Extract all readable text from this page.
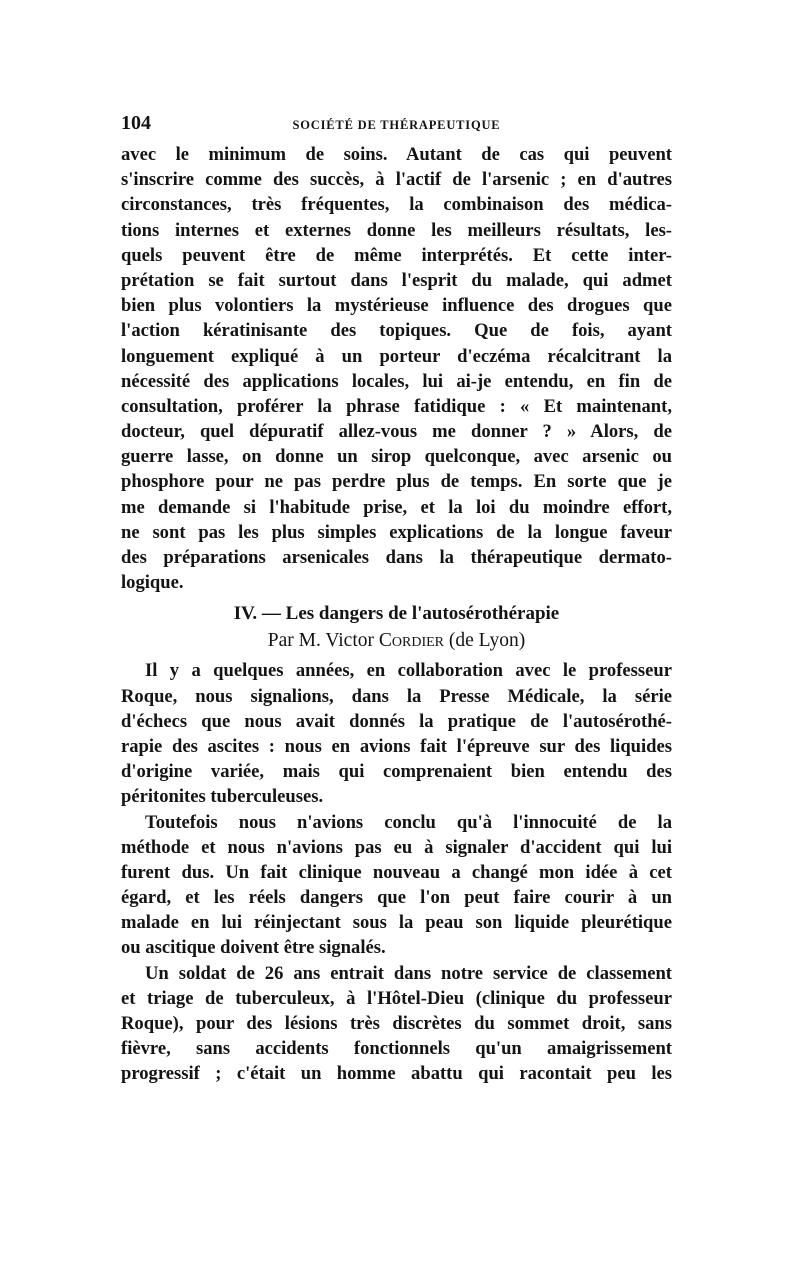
104	SOCIÉTÉ DE THÉRAPEUTIQUE
avec le minimum de soins. Autant de cas qui peuvent
s'inscrire comme des succès, à l'actif de l'arsenic ; en d'autres
circonstances, très fréquentes, la combinaison des médica-
tions internes et externes donne les meilleurs résultats, les-
quels peuvent être de même interprétés. Et cette inter-
prétation se fait surtout dans l'esprit du malade, qui admet
bien plus volontiers la mystérieuse influence des drogues que
l'action kératinisante des topiques. Que de fois, ayant
longuement expliqué à un porteur d'eczéma récalcitrant la
nécessité des applications locales, lui ai-je entendu, en fin de
consultation, proférer la phrase fatidique : « Et maintenant,
docteur, quel dépuratif allez-vous me donner ? » Alors, de
guerre lasse, on donne un sirop quelconque, avec arsenic ou
phosphore pour ne pas perdre plus de temps. En sorte que je
me demande si l'habitude prise, et la loi du moindre effort,
ne sont pas les plus simples explications de la longue faveur
des préparations arsenicales dans la thérapeutique dermato-
logique.
IV. — Les dangers de l'autosérothérapie
Par M. Victor Cordier (de Lyon)
Il y a quelques années, en collaboration avec le professeur
Roque, nous signalions, dans la Presse Médicale, la série
d'échecs que nous avait donnés la pratique de l'autosérothé-
rapie des ascites : nous en avions fait l'épreuve sur des liquides
d'origine variée, mais qui comprenaient bien entendu des
péritonites tuberculeuses.
Toutefois nous n'avions conclu qu'à l'innocuité de la
méthode et nous n'avions pas eu à signaler d'accident qui lui
furent dus. Un fait clinique nouveau a changé mon idée à cet
égard, et les réels dangers que l'on peut faire courir à un
malade en lui réinjectant sous la peau son liquide pleurétique
ou ascitique doivent être signalés.
Un soldat de 26 ans entrait dans notre service de classement
et triage de tuberculeux, à l'Hôtel-Dieu (clinique du professeur
Roque), pour des lésions très discrètes du sommet droit, sans
fièvre, sans accidents fonctionnels qu'un amaigrissement
progressif ; c'était un homme abattu qui racontait peu les
